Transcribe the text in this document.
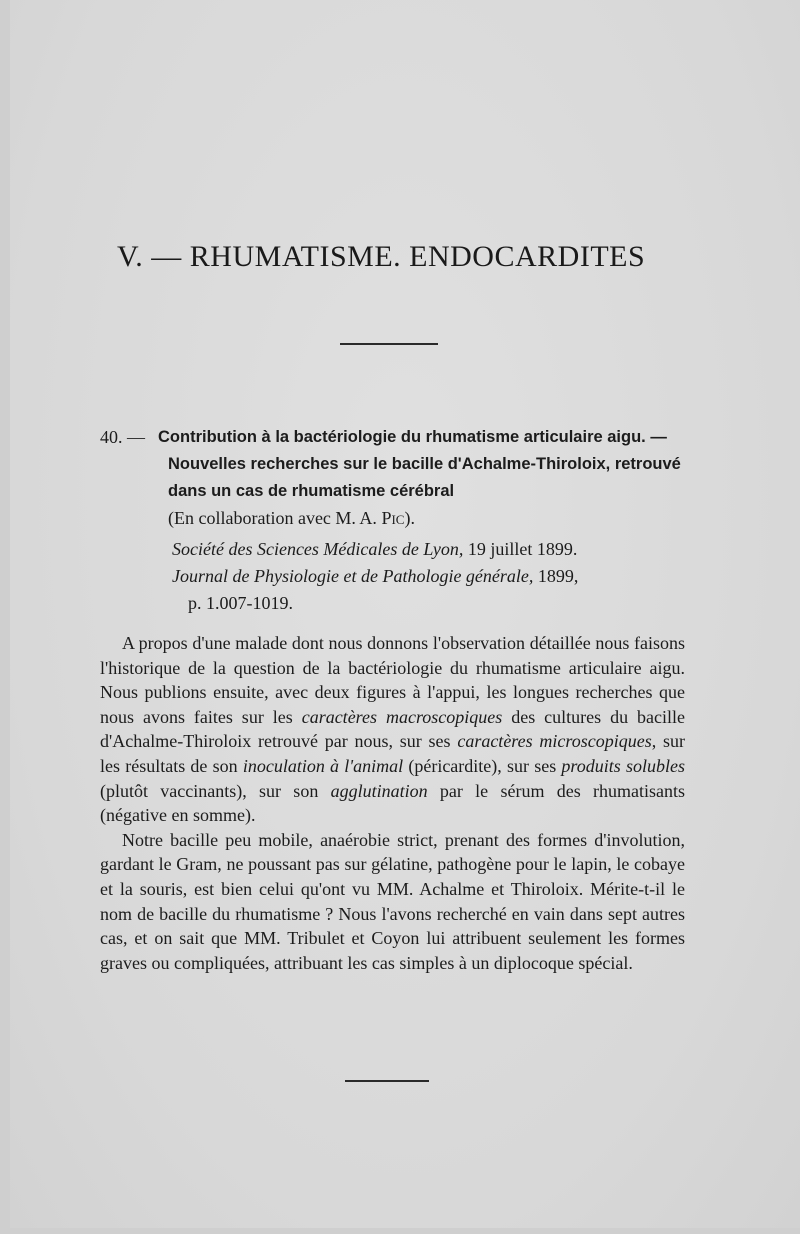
V. — RHUMATISME. ENDOCARDITES
40. — Contribution à la bactériologie du rhumatisme articulaire aigu. — Nouvelles recherches sur le bacille d'Achalme-Thiroloix, retrouvé dans un cas de rhumatisme cérébral
(En collaboration avec M. A. Pic).
Société des Sciences Médicales de Lyon, 19 juillet 1899.
Journal de Physiologie et de Pathologie générale, 1899,
p. 1.007-1019.

A propos d'une malade dont nous donnons l'observation détaillée nous faisons l'historique de la question de la bactériologie du rhumatisme articulaire aigu. Nous publions ensuite, avec deux figures à l'appui, les longues recherches que nous avons faites sur les caractères macroscopiques des cultures du bacille d'Achalme-Thiroloix retrouvé par nous, sur ses caractères microscopiques, sur les résultats de son inoculation à l'animal (péricardite), sur ses produits solubles (plutôt vaccinants), sur son agglutination par le sérum des rhumatisants (négative en somme).

Notre bacille peu mobile, anaérobie strict, prenant des formes d'involution, gardant le Gram, ne poussant pas sur gélatine, pathogène pour le lapin, le cobaye et la souris, est bien celui qu'ont vu MM. Achalme et Thiroloix. Mérite-t-il le nom de bacille du rhumatisme ? Nous l'avons recherché en vain dans sept autres cas, et on sait que MM. Tribulet et Coyon lui attribuent seulement les formes graves ou compliquées, attribuant les cas simples à un diplocoque spécial.
